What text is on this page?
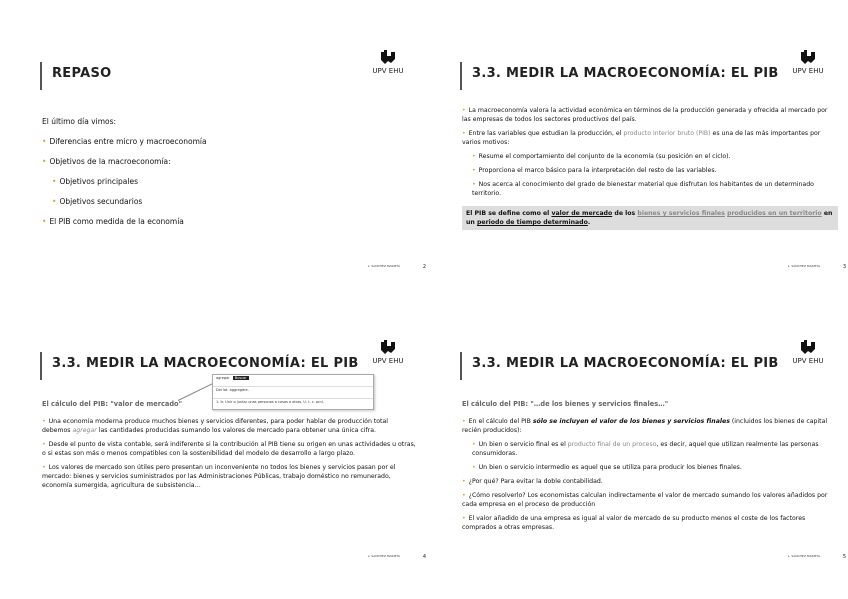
REPASO	UPV EHU
El último día vimos:
• Diferencias entre micro y macroeconomía
• Objetivos de la macroeconomía:
• Objetivos principales
• Objetivos secundarios
• El PIB como medida de la economía
L. SANCHEZ MARIETA	2
3.3. MEDIR LA MACROECONOMÍA: EL PIB	UPV EHU
• La macroeconomía valora la actividad económica en términos de la producción generada y ofrecida al mercado por las empresas de todos los sectores productivos del país.
• Entre las variables que estudian la producción, el producto interior bruto (PIB) es una de las más importantes por varios motivos:
• Resume el comportamiento del conjunto de la economía (su posición en el ciclo).
• Proporciona el marco básico para la interpretación del resto de las variables.
• Nos acerca al conocimiento del grado de bienestar material que disfrutan los habitantes de un determinado territorio.
El PIB se define como el valor de mercado de los bienes y servicios finales producidos en un territorio en un periodo de tiempo determinado.
L. SANCHEZ MARIETA	3
3.3. MEDIR LA MACROECONOMÍA: EL PIB	UPV EHU
agregar Buscar
Del lat. aggregāre.
1. tr. Unir o juntar unas personas o cosas a otras. U. t. c. prnl.
El cálculo del PIB: "valor de mercado"
• Una economía moderna produce muchos bienes y servicios diferentes, para poder hablar de producción total debemos agregar las cantidades producidas sumando los valores de mercado para obtener una única cifra.
• Desde el punto de vista contable, será indiferente si la contribución al PIB tiene su origen en unas actividades u otras, o si estas son más o menos compatibles con la sostenibilidad del modelo de desarrollo a largo plazo.
• Los valores de mercado son útiles pero presentan un inconveniente no todos los bienes y servicios pasan por el mercado: bienes y servicios suministrados por las Administraciones Públicas, trabajo doméstico no remunerado, economía sumergida, agricultura de subsistencia…
L. SANCHEZ MARIETA	4
3.3. MEDIR LA MACROECONOMÍA: EL PIB	UPV EHU
El cálculo del PIB: "…de los bienes y servicios finales…"
• En el cálculo del PIB sólo se incluyen el valor de los bienes y servicios finales (incluidos los bienes de capital recién producidos):
• Un bien o servicio final es el producto final de un proceso, es decir, aquel que utilizan realmente las personas consumidoras.
• Un bien o servicio intermedio es aquel que se utiliza para producir los bienes finales.
• ¿Por qué? Para evitar la doble contabilidad.
• ¿Cómo resolverlo? Los economistas calculan indirectamente el valor de mercado sumando los valores añadidos por cada empresa en el proceso de producción
• El valor añadido de una empresa es igual al valor de mercado de su producto menos el coste de los factores comprados a otras empresas.
L. SANCHEZ MARIETA	5
